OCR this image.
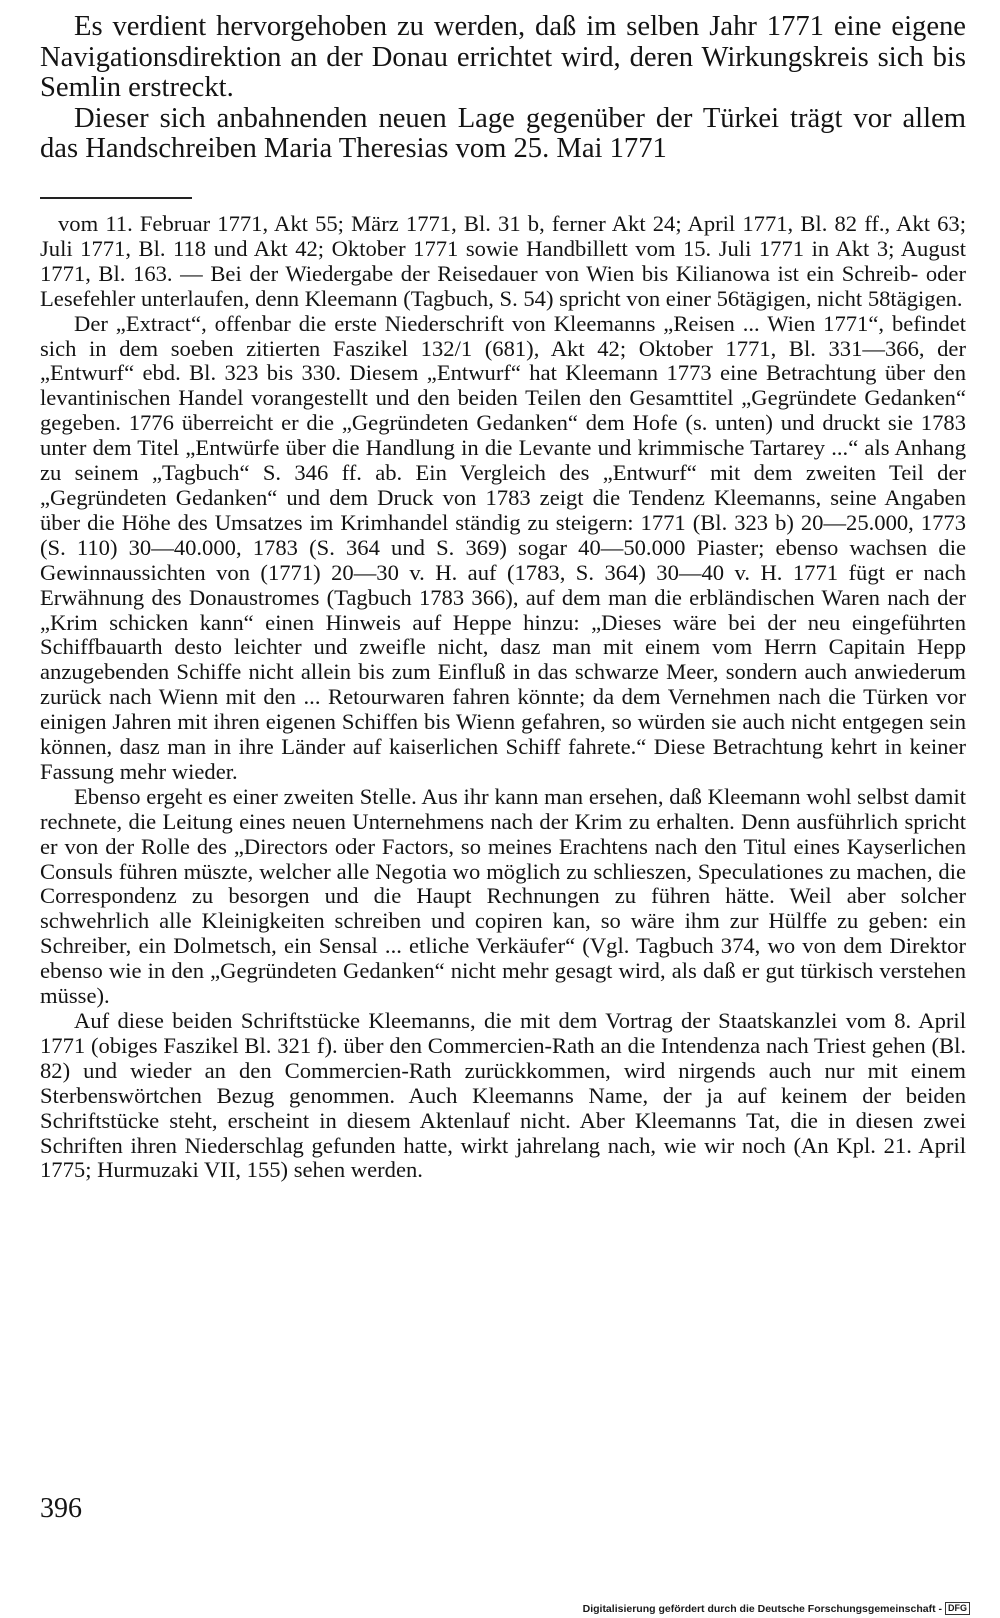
Es verdient hervorgehoben zu werden, daß im selben Jahr 1771 eine eigene Navigationsdirektion an der Donau errichtet wird, deren Wirkungskreis sich bis Semlin erstreckt.

Dieser sich anbahnenden neuen Lage gegenüber der Türkei trägt vor allem das Handschreiben Maria Theresias vom 25. Mai 1771

vom 11. Februar 1771, Akt 55; März 1771, Bl. 31 b, ferner Akt 24; April 1771, Bl. 82 ff., Akt 63; Juli 1771, Bl. 118 und Akt 42; Oktober 1771 sowie Handbillett vom 15. Juli 1771 in Akt 3; August 1771, Bl. 163. — Bei der Wiedergabe der Reisedauer von Wien bis Kilianowa ist ein Schreib- oder Lesefehler unterlaufen, denn Kleemann (Tagbuch, S. 54) spricht von einer 56tägigen, nicht 58tägigen.

Der „Extract“, offenbar die erste Niederschrift von Kleemanns „Reisen ... Wien 1771“, befindet sich in dem soeben zitierten Faszikel 132/1 (681), Akt 42; Oktober 1771, Bl. 331—366, der „Entwurf“ ebd. Bl. 323 bis 330. Diesem „Entwurf“ hat Kleemann 1773 eine Betrachtung über den levantinischen Handel vorangestellt und den beiden Teilen den Gesamttitel „Gegründete Gedanken“ gegeben. 1776 überreicht er die „Gegründeten Gedanken“ dem Hofe (s. unten) und druckt sie 1783 unter dem Titel „Entwürfe über die Handlung in die Levante und krimmische Tartarey ...“ als Anhang zu seinem „Tagbuch“ S. 346 ff. ab. Ein Vergleich des „Entwurf“ mit dem zweiten Teil der „Gegründeten Gedanken“ und dem Druck von 1783 zeigt die Tendenz Kleemanns, seine Angaben über die Höhe des Umsatzes im Krimhandel ständig zu steigern: 1771 (Bl. 323 b) 20—25.000, 1773 (S. 110) 30—40.000, 1783 (S. 364 und S. 369) sogar 40—50.000 Piaster; ebenso wachsen die Gewinnaussichten von (1771) 20—30 v. H. auf (1783, S. 364) 30—40 v. H. 1771 fügt er nach Erwähnung des Donaustromes (Tagbuch 1783 366), auf dem man die erbländischen Waren nach der „Krim schicken kann“ einen Hinweis auf Heppe hinzu: „Dieses wäre bei der neu eingeführten Schiffbauarth desto leichter und zweifle nicht, dasz man mit einem vom Herrn Capitain Hepp anzugebenden Schiffe nicht allein bis zum Einfluß in das schwarze Meer, sondern auch anwiederum zurück nach Wienn mit den ... Retourwaren fahren könnte; da dem Vernehmen nach die Türken vor einigen Jahren mit ihren eigenen Schiffen bis Wienn gefahren, so würden sie auch nicht entgegen sein können, dasz man in ihre Länder auf kaiserlichen Schiff fahrete.“ Diese Betrachtung kehrt in keiner Fassung mehr wieder.

Ebenso ergeht es einer zweiten Stelle. Aus ihr kann man ersehen, daß Kleemann wohl selbst damit rechnete, die Leitung eines neuen Unternehmens nach der Krim zu erhalten. Denn ausführlich spricht er von der Rolle des „Directors oder Factors, so meines Erachtens nach den Titul eines Kayserlichen Consuls führen müszte, welcher alle Negotia wo möglich zu schlieszen, Speculationes zu machen, die Correspondenz zu besorgen und die Haupt Rechnungen zu führen hätte. Weil aber solcher schwehrlich alle Kleinigkeiten schreiben und copiren kan, so wäre ihm zur Hülffe zu geben: ein Schreiber, ein Dolmetsch, ein Sensal ... etliche Verkäufer“ (Vgl. Tagbuch 374, wo von dem Direktor ebenso wie in den „Gegründeten Gedanken“ nicht mehr gesagt wird, als daß er gut türkisch verstehen müsse).

Auf diese beiden Schriftstücke Kleemanns, die mit dem Vortrag der Staatskanzlei vom 8. April 1771 (obiges Faszikel Bl. 321 f). über den Commercien-Rath an die Intendenza nach Triest gehen (Bl. 82) und wieder an den Commercien-Rath zurückkommen, wird nirgends auch nur mit einem Sterbenswörtchen Bezug genommen. Auch Kleemanns Name, der ja auf keinem der beiden Schriftstücke steht, erscheint in diesem Aktenlauf nicht. Aber Kleemanns Tat, die in diesen zwei Schriften ihren Niederschlag gefunden hatte, wirkt jahrelang nach, wie wir noch (An Kpl. 21. April 1775; Hurmuzaki VII, 155) sehen werden.

396
Digitalisierung gefördert durch die Deutsche Forschungsgemeinschaft - DFG
